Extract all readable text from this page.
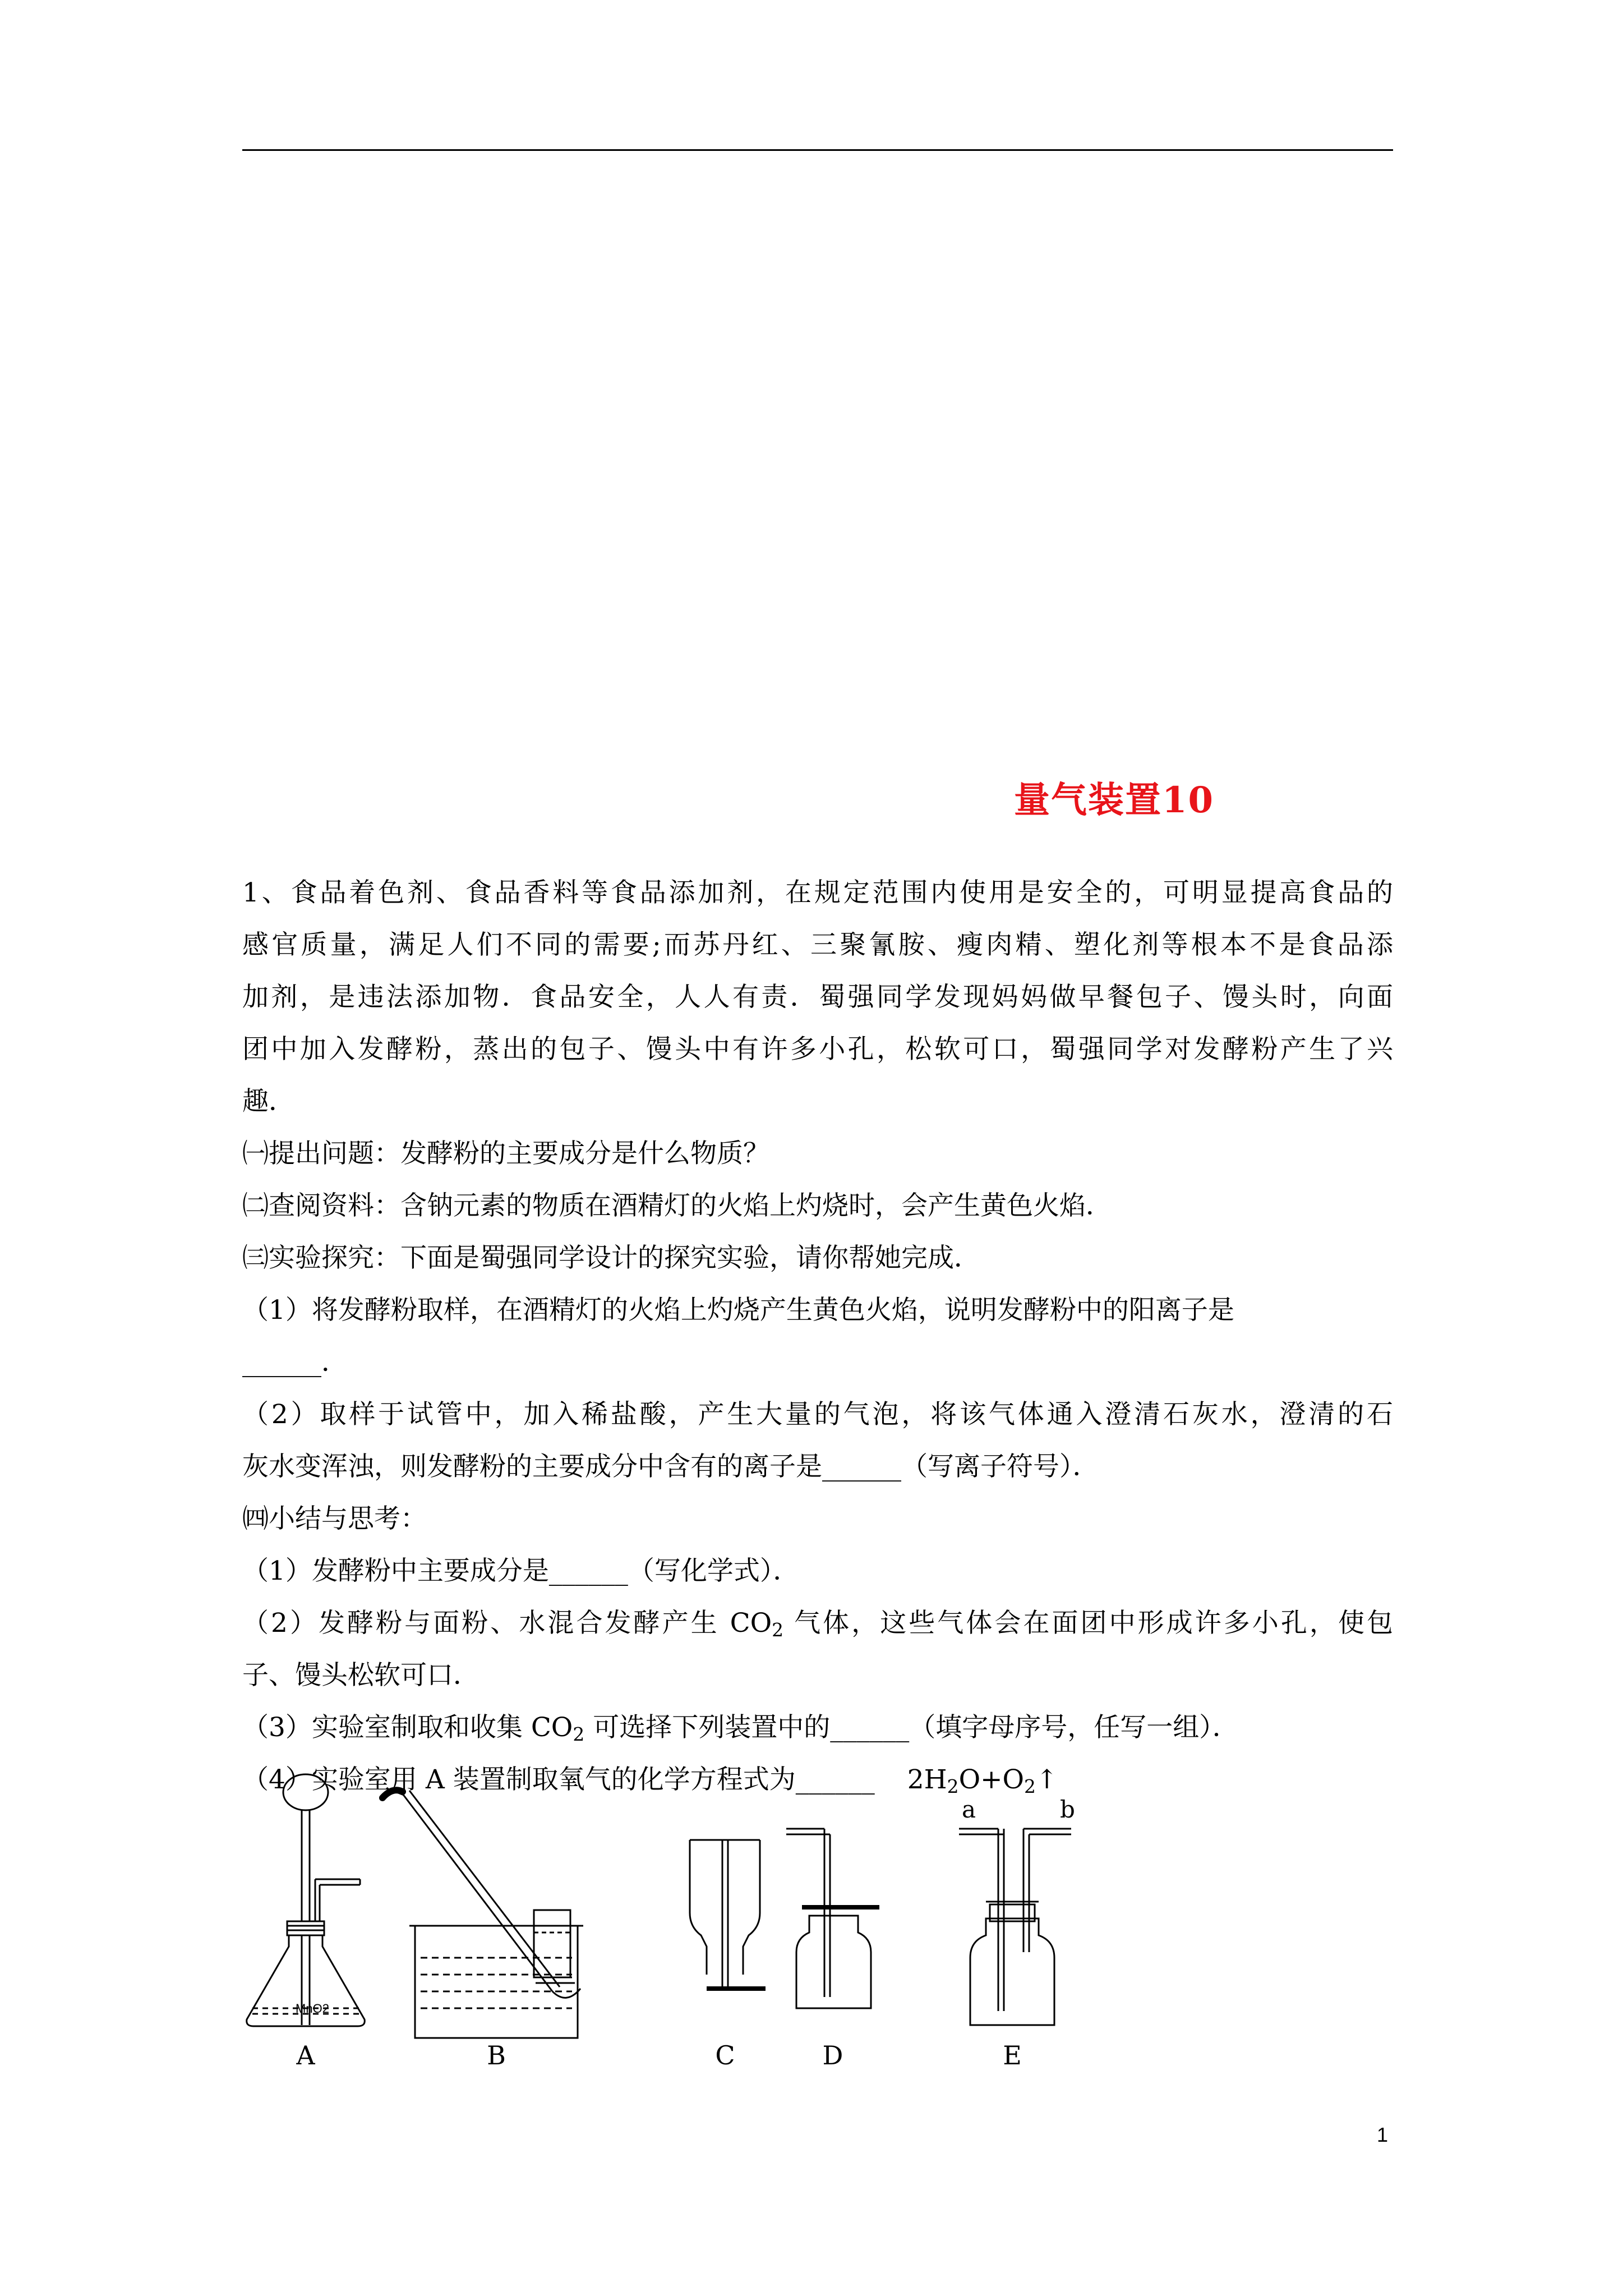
量气装置10
1、食品着色剂、食品香料等食品添加剂，在规定范围内使用是安全的，可明显提高食品的
感官质量，满足人们不同的需要;而苏丹红、三聚氰胺、瘦肉精、塑化剂等根本不是食品添
加剂，是违法添加物．食品安全，人人有责．蜀强同学发现妈妈做早餐包子、馒头时，向面
团中加入发酵粉，蒸出的包子、馒头中有许多小孔，松软可口，蜀强同学对发酵粉产生了兴
趣．
㈠提出问题：发酵粉的主要成分是什么物质？
㈡查阅资料：含钠元素的物质在酒精灯的火焰上灼烧时，会产生黄色火焰．
㈢实验探究：下面是蜀强同学设计的探究实验，请你帮她完成．
（1）将发酵粉取样，在酒精灯的火焰上灼烧产生黄色火焰，说明发酵粉中的阳离子是
______．
（2）取样于试管中，加入稀盐酸，产生大量的气泡，将该气体通入澄清石灰水，澄清的石
灰水变浑浊，则发酵粉的主要成分中含有的离子是______（写离子符号）．
㈣小结与思考：
（1）发酵粉中主要成分是______（写化学式）．
（2）发酵粉与面粉、水混合发酵产生 $CO_2$ 气体，这些气体会在面团中形成许多小孔，使包
子、馒头松软可口．
（3）实验室制取和收集 $CO_2$ 可选择下列装置中的______（填字母序号，任写一组）．
（4）实验室用 A 装置制取氧气的化学方程式为______ $2H_2O+O_2↑$
MnO2
a	b
A	B	C	D	E
1
